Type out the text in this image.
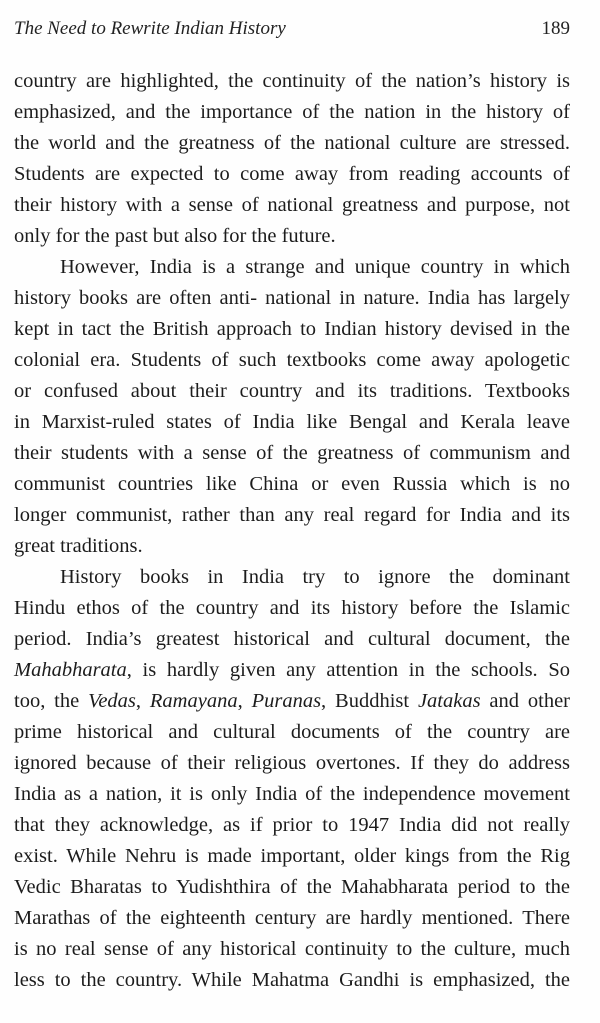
The Need to Rewrite Indian History	189
country are highlighted, the continuity of the nation’s history is
emphasized, and the importance of the nation in the history of
the world and the greatness of the national culture are stressed.
Students are expected to come away from reading accounts of
their history with a sense of national greatness and purpose, not
only for the past but also for the future.
However, India is a strange and unique country in which
history books are often anti- national in nature. India has largely
kept in tact the British approach to Indian history devised in the
colonial era. Students of such textbooks come away apologetic
or confused about their country and its traditions. Textbooks
in Marxist-ruled states of India like Bengal and Kerala leave
their students with a sense of the greatness of communism and
communist countries like China or even Russia which is no
longer communist, rather than any real regard for India and its
great traditions.
History books in India try to ignore the dominant
Hindu ethos of the country and its history before the Islamic
period. India’s greatest historical and cultural document, the
Mahabharata, is hardly given any attention in the schools. So
too, the Vedas, Ramayana, Puranas, Buddhist Jatakas and other
prime historical and cultural documents of the country are
ignored because of their religious overtones. If they do address
India as a nation, it is only India of the independence movement
that they acknowledge, as if prior to 1947 India did not really
exist. While Nehru is made important, older kings from the Rig
Vedic Bharatas to Yudishthira of the Mahabharata period to the
Marathas of the eighteenth century are hardly mentioned. There
is no real sense of any historical continuity to the culture, much
less to the country. While Mahatma Gandhi is emphasized, the
